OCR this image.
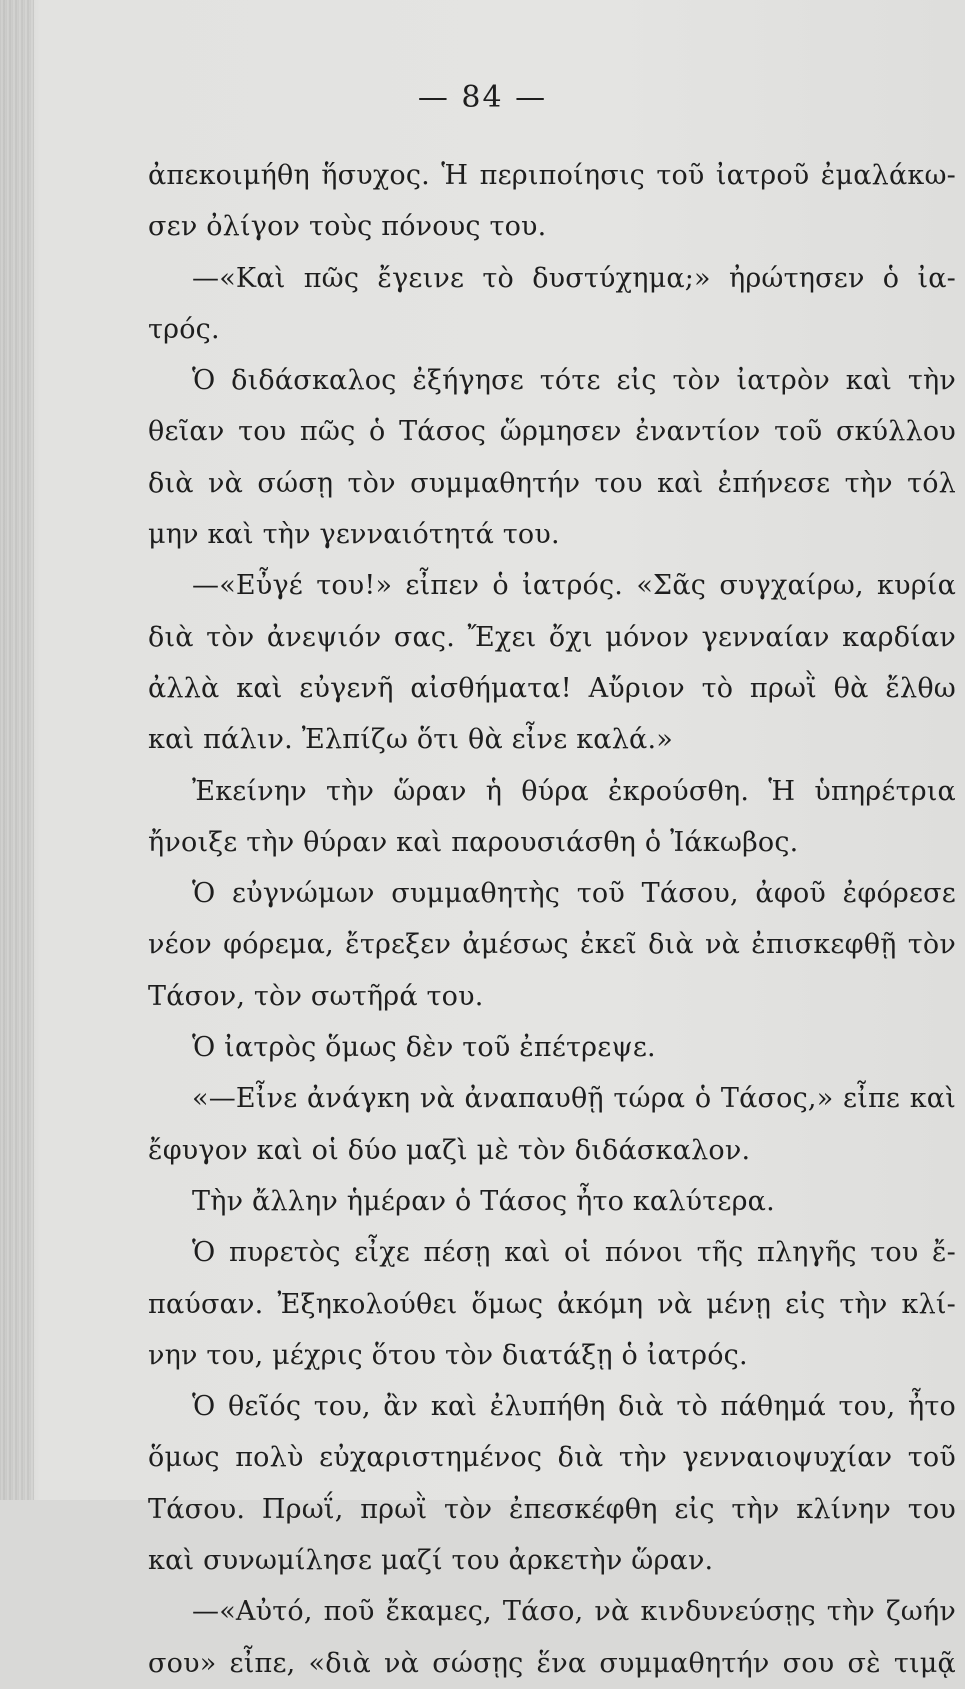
— 84 —
ἀπεκοιμήθη ἥσυχος. Ἡ περιποίησις τοῦ ἰατροῦ ἐμαλάκω-
σεν ὀλίγον τοὺς πόνους του.
—«Καὶ πῶς ἔγεινε τὸ δυστύχημα;» ἠρώτησεν ὁ ἰα-
τρός.
Ὁ διδάσκαλος ἐξήγησε τότε εἰς τὸν ἰατρὸν καὶ τὴν
θεῖαν του πῶς ὁ Τάσος ὥρμησεν ἐναντίον τοῦ σκύλλου
διὰ νὰ σώσῃ τὸν συμμαθητήν του καὶ ἐπήνεσε τὴν τόλ
μην καὶ τὴν γενναιότητά του.
—«Εὖγέ του!» εἶπεν ὁ ἰατρός. «Σᾶς συγχαίρω, κυρία
διὰ τὸν ἀνεψιόν σας. Ἔχει ὄχι μόνον γενναίαν καρδίαν
ἀλλὰ καὶ εὐγενῆ αἰσθήματα! Αὔριον τὸ πρωῒ θὰ ἔλθω
καὶ πάλιν. Ἐλπίζω ὅτι θὰ εἶνε καλά.»
Ἐκείνην τὴν ὥραν ἡ θύρα ἐκρούσθη. Ἡ ὑπηρέτρια
ἤνοιξε τὴν θύραν καὶ παρουσιάσθη ὁ Ἰάκωβος.
Ὁ εὐγνώμων συμμαθητὴς τοῦ Τάσου, ἀφοῦ ἐφόρεσε
νέον φόρεμα, ἔτρεξεν ἀμέσως ἐκεῖ διὰ νὰ ἐπισκεφθῇ τὸν
Τάσον, τὸν σωτῆρά του.
Ὁ ἰατρὸς ὅμως δὲν τοῦ ἐπέτρεψε.
«—Εἶνε ἀνάγκη νὰ ἀναπαυθῇ τώρα ὁ Τάσος,» εἶπε καὶ
ἔφυγον καὶ οἱ δύο μαζὶ μὲ τὸν διδάσκαλον.
Τὴν ἄλλην ἡμέραν ὁ Τάσος ἦτο καλύτερα.
Ὁ πυρετὸς εἶχε πέσῃ καὶ οἱ πόνοι τῆς πληγῆς του ἔ-
παύσαν. Ἐξηκολούθει ὅμως ἀκόμη νὰ μένῃ εἰς τὴν κλί-
νην του, μέχρις ὅτου τὸν διατάξῃ ὁ ἰατρός.
Ὁ θεῖός του, ἂν καὶ ἐλυπήθη διὰ τὸ πάθημά του, ἦτο
ὅμως πολὺ εὐχαριστημένος διὰ τὴν γενναιοψυχίαν τοῦ
Τάσου. Πρωΐ, πρωῒ τὸν ἐπεσκέφθη εἰς τὴν κλίνην του
καὶ συνωμίλησε μαζί του ἀρκετὴν ὥραν.
—«Αὐτό, ποῦ ἔκαμες, Τάσο, νὰ κινδυνεύσῃς τὴν ζωήν
σου» εἶπε, «διὰ νὰ σώσῃς ἕνα συμμαθητήν σου σὲ τιμᾷ
